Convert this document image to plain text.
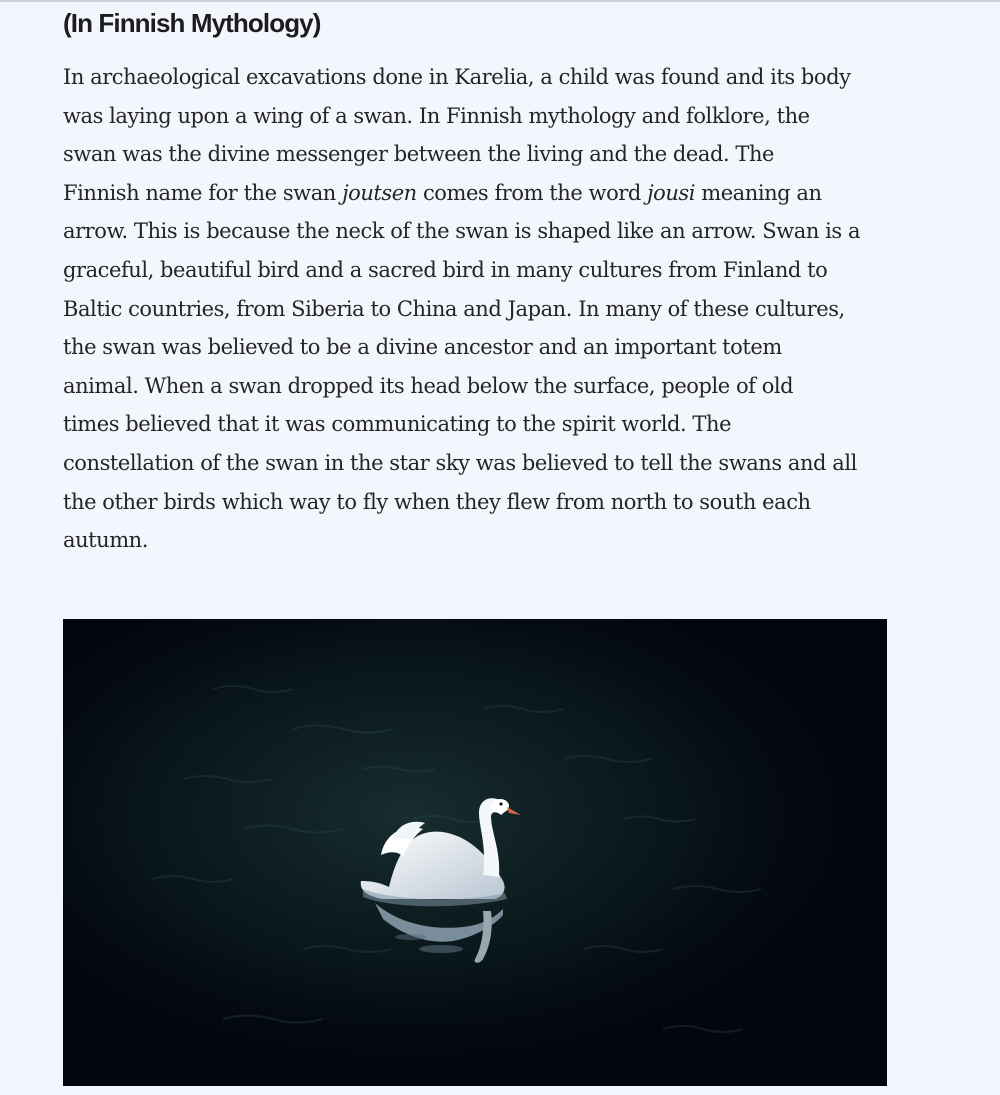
(In Finnish Mythology)
In archaeological excavations done in Karelia, a child was found and its body
was laying upon a wing of a swan. In Finnish mythology and folklore, the
swan was the divine messenger between the living and the dead. The
Finnish name for the swan joutsen comes from the word jousi meaning an
arrow. This is because the neck of the swan is shaped like an arrow. Swan is a
graceful, beautiful bird and a sacred bird in many cultures from Finland to
Baltic countries, from Siberia to China and Japan. In many of these cultures,
the swan was believed to be a divine ancestor and an important totem
animal. When a swan dropped its head below the surface, people of old
times believed that it was communicating to the spirit world. The
constellation of the swan in the star sky was believed to tell the swans and all
the other birds which way to fly when they flew from north to south each
autumn.
